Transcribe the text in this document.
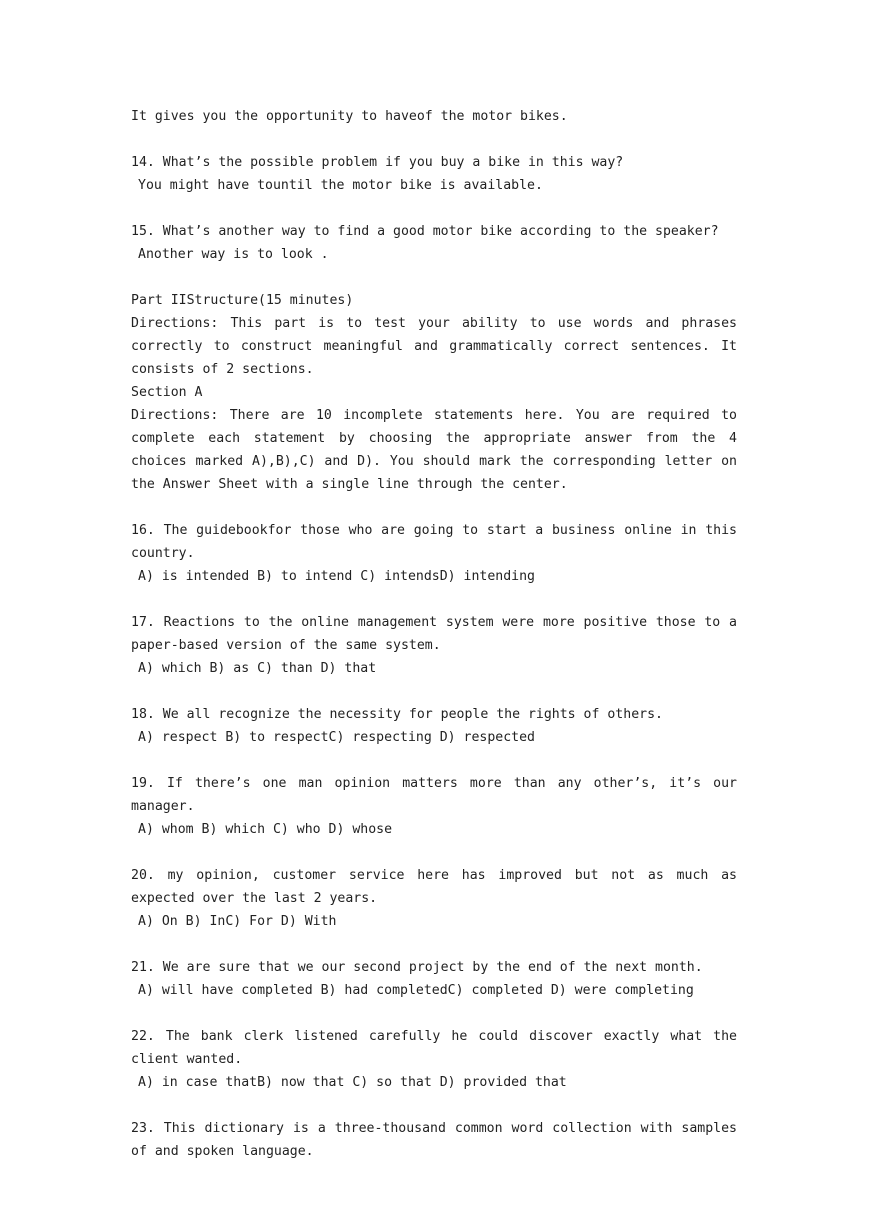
It gives you the opportunity to haveof the motor bikes.
14. What’s the possible problem if you buy a bike in this way?
You might have tountil the motor bike is available.
15. What’s another way to find a good motor bike according to the speaker?
Another way is to look .
Part IIStructure(15 minutes)
Directions: This part is to test your ability to use words and phrases correctly to construct meaningful and grammatically correct sentences. It consists of 2 sections.
Section A
Directions: There are 10 incomplete statements here. You are required to complete each statement by choosing the appropriate answer from the 4 choices marked A),B),C) and D). You should mark the corresponding letter on the Answer Sheet with a single line through the center.
16. The guidebookfor those who are going to start a business online in this country.
A) is intended B) to intend C) intendsD) intending
17. Reactions to the online management system were more positive those to a paper-based version of the same system.
A) which B) as C) than D) that
18. We all recognize the necessity for people the rights of others.
A) respect B) to respectC) respecting D) respected
19. If there’s one man opinion matters more than any other’s, it’s our manager.
A) whom B) which C) who D) whose
20. my opinion, customer service here has improved but not as much as expected over the last 2 years.
A) On B) InC) For D) With
21. We are sure that we our second project by the end of the next month.
A) will have completed B) had completedC) completed D) were completing
22. The bank clerk listened carefully he could discover exactly what the client wanted.
A) in case thatB) now that C) so that D) provided that
23. This dictionary is a three-thousand common word collection with samples of and spoken language.
